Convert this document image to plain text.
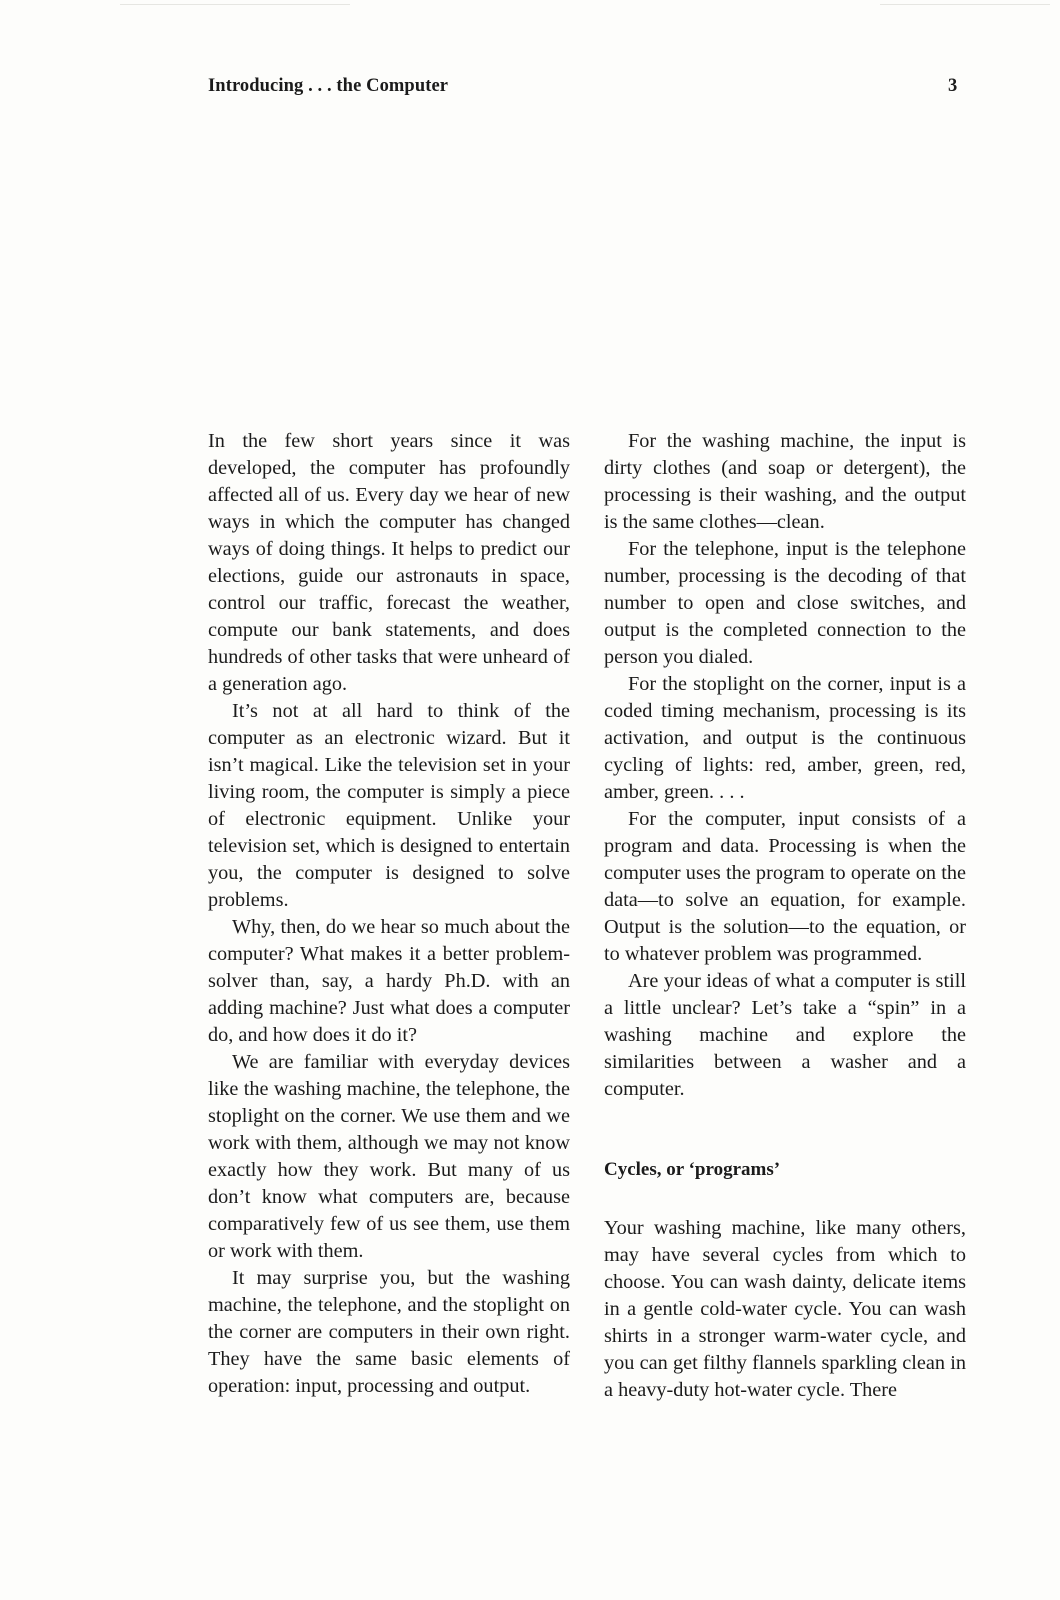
Introducing . . . the Computer	3

In the few short years since it was developed, the computer has profoundly affected all of us. Every day we hear of new ways in which the computer has changed ways of doing things. It helps to predict our elections, guide our astronauts in space, control our traffic, forecast the weather, compute our bank statements, and does hundreds of other tasks that were unheard of a generation ago.

It’s not at all hard to think of the computer as an electronic wizard. But it isn’t magical. Like the television set in your living room, the computer is simply a piece of electronic equipment. Unlike your television set, which is designed to entertain you, the computer is designed to solve problems.

Why, then, do we hear so much about the computer? What makes it a better problem-solver than, say, a hardy Ph.D. with an adding machine? Just what does a computer do, and how does it do it?

We are familiar with everyday devices like the washing machine, the telephone, the stoplight on the corner. We use them and we work with them, although we may not know exactly how they work. But many of us don’t know what computers are, because comparatively few of us see them, use them or work with them.

It may surprise you, but the washing machine, the telephone, and the stoplight on the corner are computers in their own right. They have the same basic elements of operation: input, processing and output.

For the washing machine, the input is dirty clothes (and soap or detergent), the processing is their washing, and the output is the same clothes—clean.

For the telephone, input is the telephone number, processing is the decoding of that number to open and close switches, and output is the completed connection to the person you dialed.

For the stoplight on the corner, input is a coded timing mechanism, processing is its activation, and output is the continuous cycling of lights: red, amber, green, red, amber, green. . . .

For the computer, input consists of a program and data. Processing is when the computer uses the program to operate on the data—to solve an equation, for example. Output is the solution—to the equation, or to whatever problem was programmed.

Are your ideas of what a computer is still a little unclear? Let’s take a “spin” in a washing machine and explore the similarities between a washer and a computer.

Cycles, or ‘programs’

Your washing machine, like many others, may have several cycles from which to choose. You can wash dainty, delicate items in a gentle cold-water cycle. You can wash shirts in a stronger warm-water cycle, and you can get filthy flannels sparkling clean in a heavy-duty hot-water cycle. There
